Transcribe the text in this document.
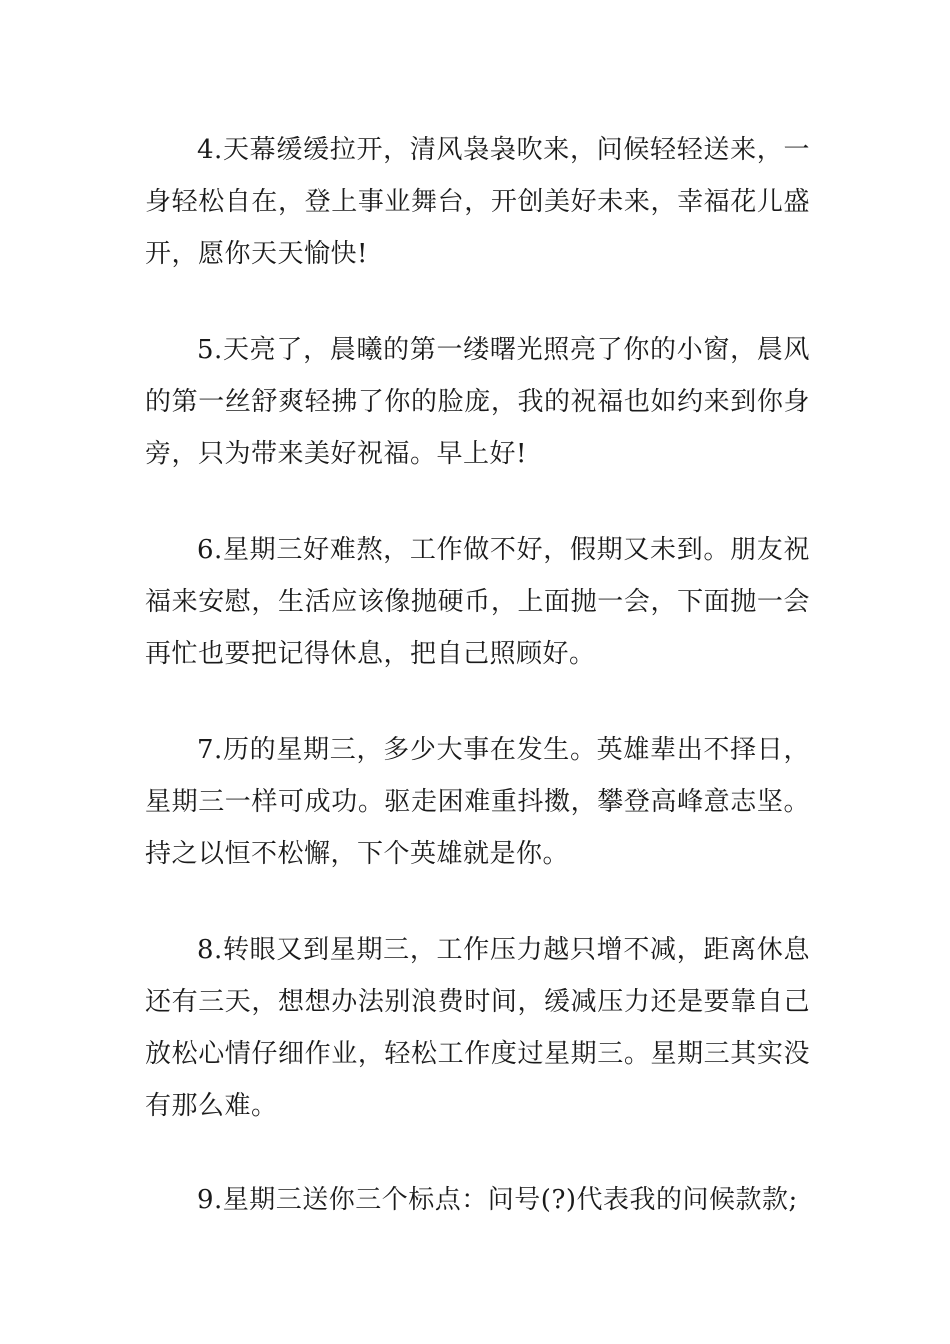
4.天幕缓缓拉开，清风袅袅吹来，问候轻轻送来，一身轻松自在，登上事业舞台，开创美好未来，幸福花儿盛开，愿你天天愉快!

5.天亮了，晨曦的第一缕曙光照亮了你的小窗，晨风的第一丝舒爽轻拂了你的脸庞，我的祝福也如约来到你身旁，只为带来美好祝福。早上好!

6.星期三好难熬，工作做不好，假期又未到。朋友祝福来安慰，生活应该像抛硬币，上面抛一会，下面抛一会再忙也要把记得休息，把自己照顾好。

7.历的星期三，多少大事在发生。英雄辈出不择日，星期三一样可成功。驱走困难重抖擞，攀登高峰意志坚。持之以恒不松懈，下个英雄就是你。

8.转眼又到星期三，工作压力越只增不减，距离休息还有三天，想想办法别浪费时间，缓减压力还是要靠自己放松心情仔细作业，轻松工作度过星期三。星期三其实没有那么难。

9.星期三送你三个标点：问号(?)代表我的问候款款;
